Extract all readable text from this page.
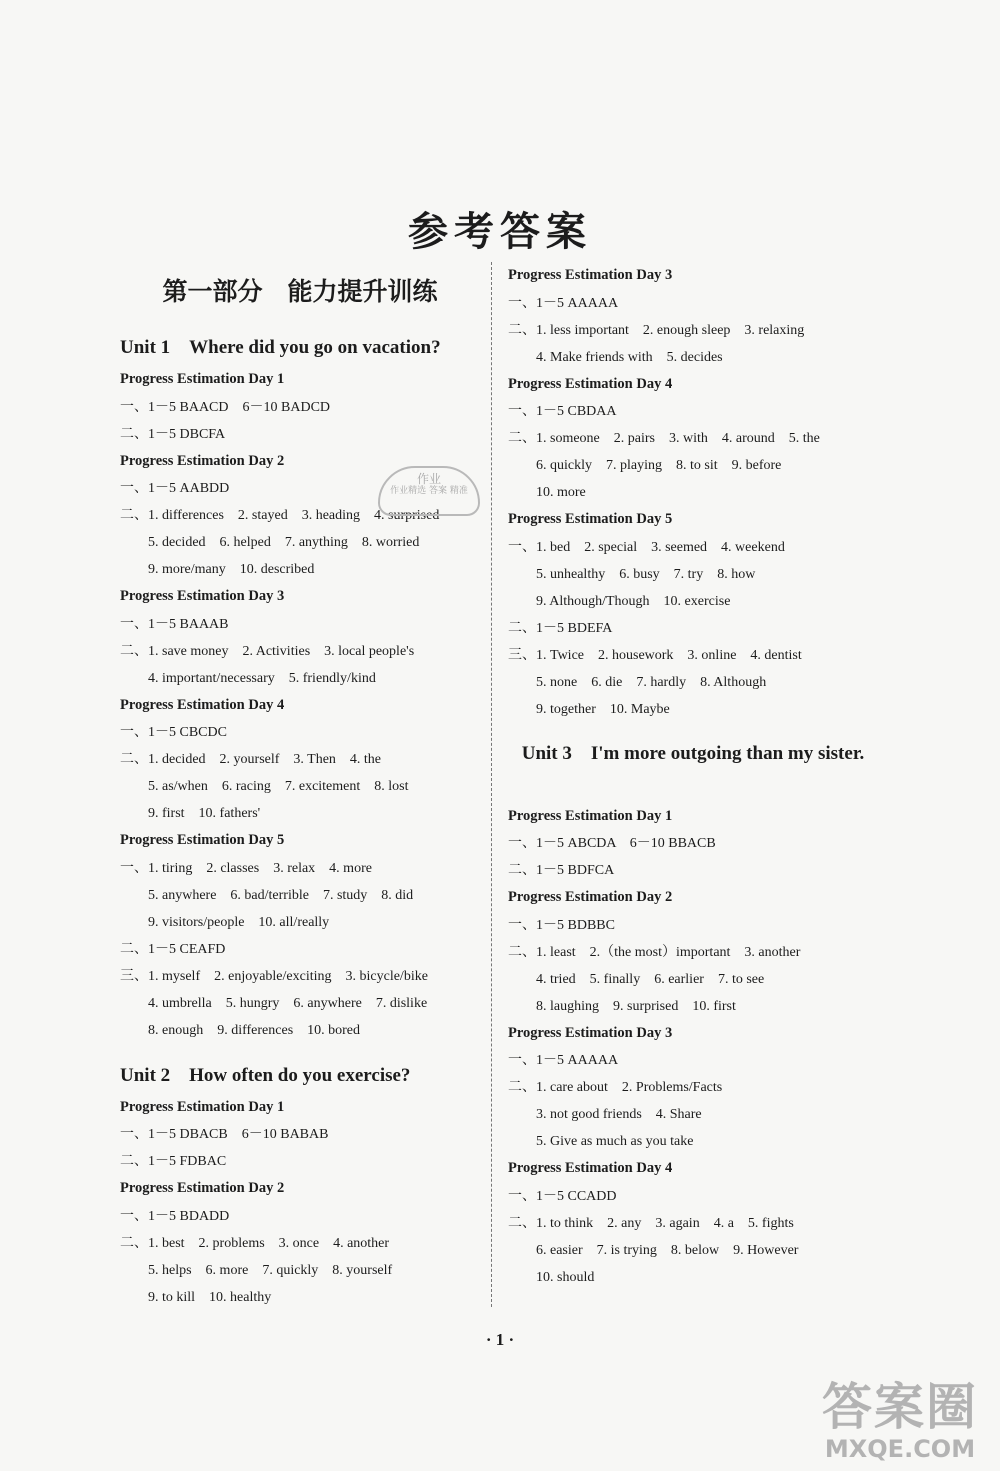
参考答案
第一部分　能力提升训练
Unit 1　Where did you go on vacation?
Progress Estimation Day 1
一、1－5 BAACD　6－10 BADCD
二、1－5 DBCFA
Progress Estimation Day 2
一、1－5 AABDD
二、1. differences　2. stayed　3. heading　4. surprised
5. decided　6. helped　7. anything　8. worried
9. more/many　10. described
Progress Estimation Day 3
一、1－5 BAAAB
二、1. save money　2. Activities　3. local people's
4. important/necessary　5. friendly/kind
Progress Estimation Day 4
一、1－5 CBCDC
二、1. decided　2. yourself　3. Then　4. the
5. as/when　6. racing　7. excitement　8. lost
9. first　10. fathers'
Progress Estimation Day 5
一、1. tiring　2. classes　3. relax　4. more
5. anywhere　6. bad/terrible　7. study　8. did
9. visitors/people　10. all/really
二、1－5 CEAFD
三、1. myself　2. enjoyable/exciting　3. bicycle/bike
4. umbrella　5. hungry　6. anywhere　7. dislike
8. enough　9. differences　10. bored
Unit 2　How often do you exercise?
Progress Estimation Day 1
一、1－5 DBACB　6－10 BABAB
二、1－5 FDBAC
Progress Estimation Day 2
一、1－5 BDADD
二、1. best　2. problems　3. once　4. another
5. helps　6. more　7. quickly　8. yourself
9. to kill　10. healthy
Progress Estimation Day 3
一、1－5 AAAAA
二、1. less important　2. enough sleep　3. relaxing
4. Make friends with　5. decides
Progress Estimation Day 4
一、1－5 CBDAA
二、1. someone　2. pairs　3. with　4. around　5. the
6. quickly　7. playing　8. to sit　9. before
10. more
Progress Estimation Day 5
一、1. bed　2. special　3. seemed　4. weekend
5. unhealthy　6. busy　7. try　8. how
9. Although/Though　10. exercise
二、1－5 BDEFA
三、1. Twice　2. housework　3. online　4. dentist
5. none　6. die　7. hardly　8. Although
9. together　10. Maybe
Unit 3　I'm more outgoing than my sister.
Progress Estimation Day 1
一、1－5 ABCDA　6－10 BBACB
二、1－5 BDFCA
Progress Estimation Day 2
一、1－5 BDBBC
二、1. least　2.（the most）important　3. another
4. tried　5. finally　6. earlier　7. to see
8. laughing　9. surprised　10. first
Progress Estimation Day 3
一、1－5 AAAAA
二、1. care about　2. Problems/Facts
3. not good friends　4. Share
5. Give as much as you take
Progress Estimation Day 4
一、1－5 CCADD
二、1. to think　2. any　3. again　4. a　5. fights
6. easier　7. is trying　8. below　9. However
10. should
作业
作业精选 答案 精准
· 1 ·
答案圈
MXQE.COM
